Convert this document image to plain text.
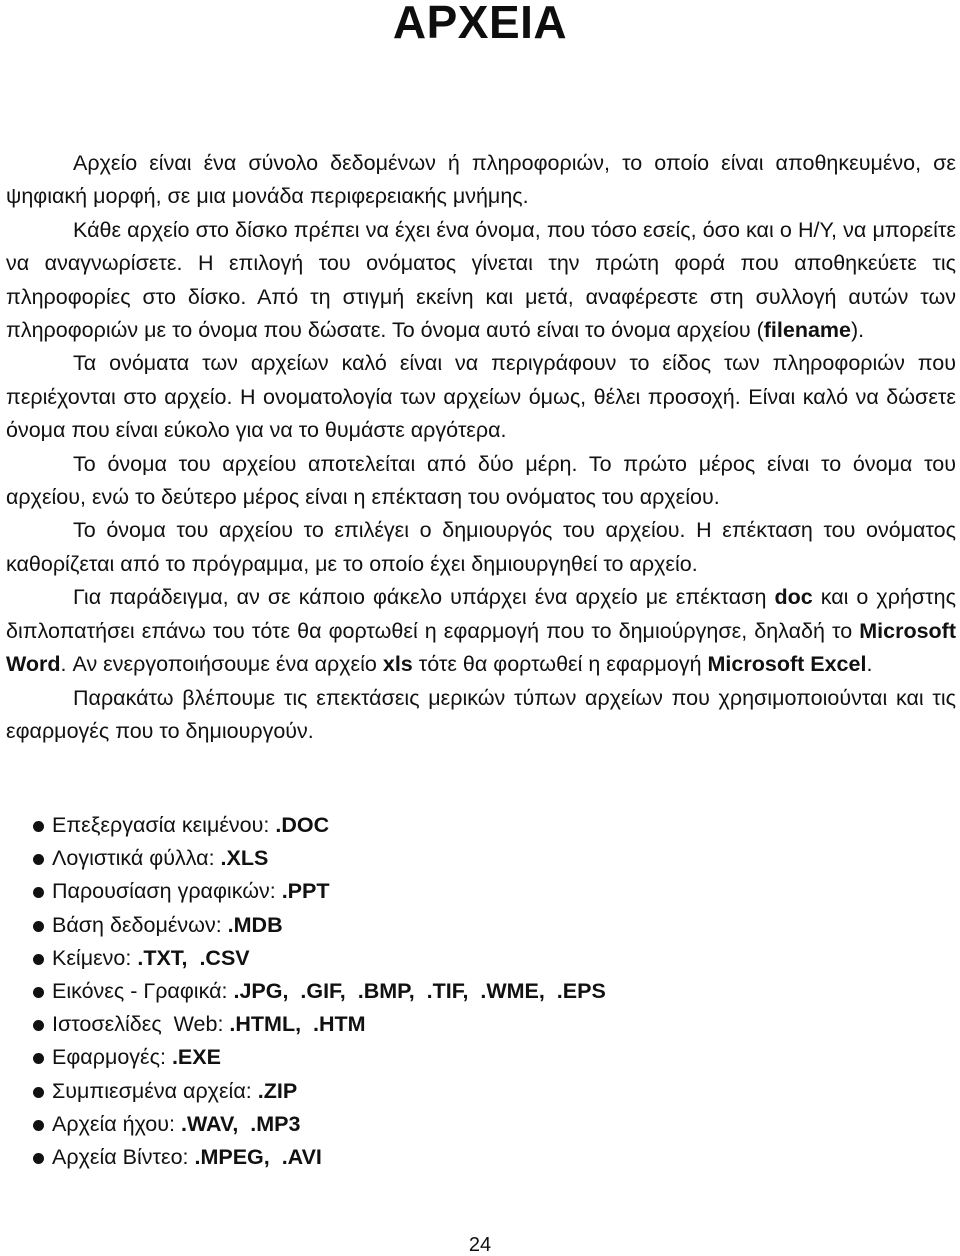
ΑΡΧΕΙΑ

Αρχείο είναι ένα σύνολο δεδομένων ή πληροφοριών, το οποίο είναι αποθηκευμένο, σε ψηφιακή μορφή, σε μια μονάδα περιφερειακής μνήμης.

Κάθε αρχείο στο δίσκο πρέπει να έχει ένα όνομα, που τόσο εσείς, όσο και ο Η/Υ, να μπορείτε να αναγνωρίσετε. Η επιλογή του ονόματος γίνεται την πρώτη φορά που αποθηκεύετε τις πληροφορίες στο δίσκο. Από τη στιγμή εκείνη και μετά, αναφέρεστε στη συλλογή αυτών των πληροφοριών με το όνομα που δώσατε. Το όνομα αυτό είναι το όνομα αρχείου (filename).

Τα ονόματα των αρχείων καλό είναι να περιγράφουν το είδος των πληροφοριών που περιέχονται στο αρχείο. Η ονοματολογία των αρχείων όμως, θέλει προσοχή. Είναι καλό να δώσετε όνομα που είναι εύκολο για να το θυμάστε αργότερα.

Το όνομα του αρχείου αποτελείται από δύο μέρη. Το πρώτο μέρος είναι το όνομα του αρχείου, ενώ το δεύτερο μέρος είναι η επέκταση του ονόματος του αρχείου.

Το όνομα του αρχείου το επιλέγει ο δημιουργός του αρχείου. Η επέκταση του ονόματος καθορίζεται από το πρόγραμμα, με το οποίο έχει δημιουργηθεί το αρχείο.

Για παράδειγμα, αν σε κάποιο φάκελο υπάρχει ένα αρχείο με επέκταση doc και ο χρήστης διπλοπατήσει επάνω του τότε θα φορτωθεί η εφαρμογή που το δημιούργησε, δηλαδή το Microsoft Word. Αν ενεργοποιήσουμε ένα αρχείο xls τότε θα φορτωθεί η εφαρμογή Microsoft Excel.

Παρακάτω βλέπουμε τις επεκτάσεις μερικών τύπων αρχείων που χρησιμοποιούνται και τις εφαρμογές που το δημιουργούν.

Επεξεργασία κειμένου: .DOC
Λογιστικά φύλλα: .XLS
Παρουσίαση γραφικών: .PPT
Βάση δεδομένων: .MDB
Κείμενο: .TXT,  .CSV
Εικόνες - Γραφικά: .JPG,  .GIF,  .BMP,  .TIF,  .WME,  .EPS
Ιστοσελίδες  Web: .HTML,  .HTM
Εφαρμογές: .EXE
Συμπιεσμένα αρχεία: .ZIP
Αρχεία ήχου: .WAV,  .MP3
Αρχεία Βίντεο: .MPEG,  .AVI
24
